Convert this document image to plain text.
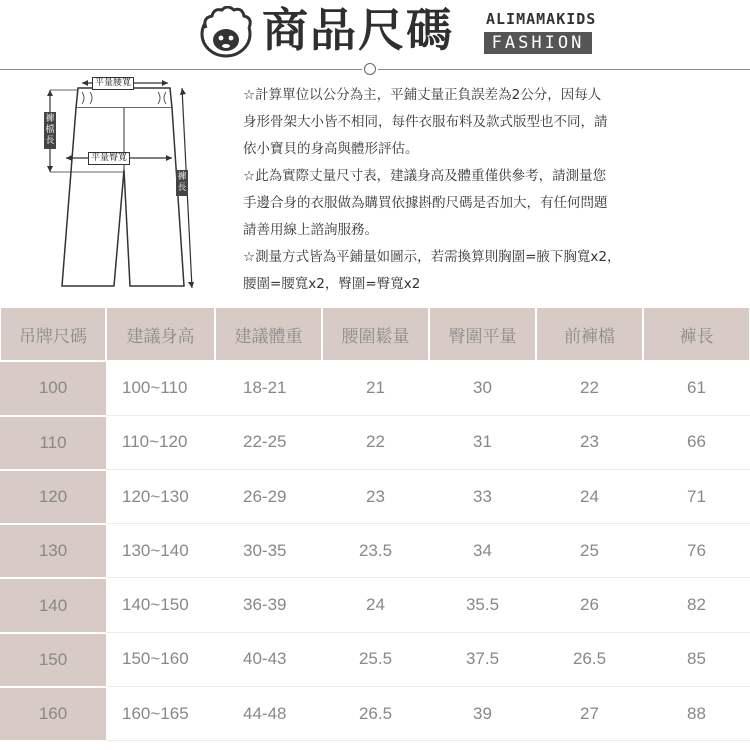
商品尺碼 ALIMAMAKIDS
FASHION
平量腰寬
平量臀寬
褲檔長
褲長

☆計算單位以公分為主，平鋪丈量正負誤差為2公分，因每人

身形骨架大小皆不相同，每件衣服布料及款式版型也不同，請

依小寶貝的身高與體形評估。

☆此為實際丈量尺寸表，建議身高及體重僅供參考，請測量您

手邊合身的衣服做為購買依據斟酌尺碼是否加大，有任何問題

請善用線上諮詢服務。

☆測量方式皆為平鋪量如圖示，若需換算則胸圍=腋下胸寬x2，

腰圍=腰寬x2，臀圍=臀寬x2

吊牌尺碼	建議身高	建議體重	腰圍鬆量	臀圍平量	前褲檔	褲長
100	100~110	18-21	21	30	22	61
110	110~120	22-25	22	31	23	66
120	120~130	26-29	23	33	24	71
130	130~140	30-35	23.5	34	25	76
140	140~150	36-39	24	35.5	26	82
150	150~160	40-43	25.5	37.5	26.5	85
160	160~165	44-48	26.5	39	27	88
